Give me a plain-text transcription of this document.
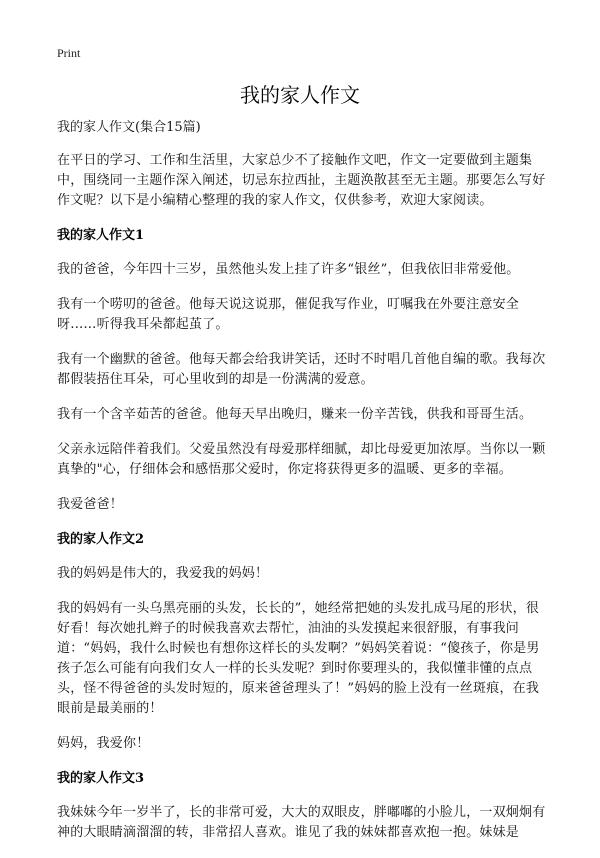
Print
我的家人作文

我的家人作文(集合15篇)

在平日的学习、工作和生活里，大家总少不了接触作文吧，作文一定要做到主题集中，围绕同一主题作深入阐述，切忌东拉西扯，主题涣散甚至无主题。那要怎么写好作文呢？以下是小编精心整理的我的家人作文，仅供参考，欢迎大家阅读。

我的家人作文1

我的爸爸，今年四十三岁，虽然他头发上挂了许多“银丝”，但我依旧非常爱他。

我有一个唠叨的爸爸。他每天说这说那，催促我写作业，叮嘱我在外要注意安全呀……听得我耳朵都起茧了。

我有一个幽默的爸爸。他每天都会给我讲笑话，还时不时唱几首他自编的歌。我每次都假装捂住耳朵，可心里收到的却是一份满满的爱意。

我有一个含辛茹苦的爸爸。他每天早出晚归，赚来一份辛苦钱，供我和哥哥生活。

父亲永远陪伴着我们。父爱虽然没有母爱那样细腻，却比母爱更加浓厚。当你以一颗真挚的"心，仔细体会和感悟那父爱时，你定将获得更多的温暖、更多的幸福。

我爱爸爸！

我的家人作文2

我的妈妈是伟大的，我爱我的妈妈！

我的妈妈有一头乌黑亮丽的头发，长长的”，她经常把她的头发扎成马尾的形状，很好看！每次她扎辫子的时候我喜欢去帮忙，油油的头发摸起来很舒服，有事我问道：“妈妈，我什么时候也有想你这样长的头发啊？”妈妈笑着说：“傻孩子，你是男孩子怎么可能有向我们女人一样的长头发呢？到时你要理头的，我似懂非懂的点点头，怪不得爸爸的头发时短的，原来爸爸理头了！”妈妈的脸上没有一丝斑痕，在我眼前是最美丽的！

妈妈，我爱你！

我的家人作文3

我妹妹今年一岁半了，长的非常可爱，大大的双眼皮，胖嘟嘟的小脸儿，一双炯炯有神的大眼睛滴溜溜的转，非常招人喜欢。谁见了我的妹妹都喜欢抱一抱。妹妹是
